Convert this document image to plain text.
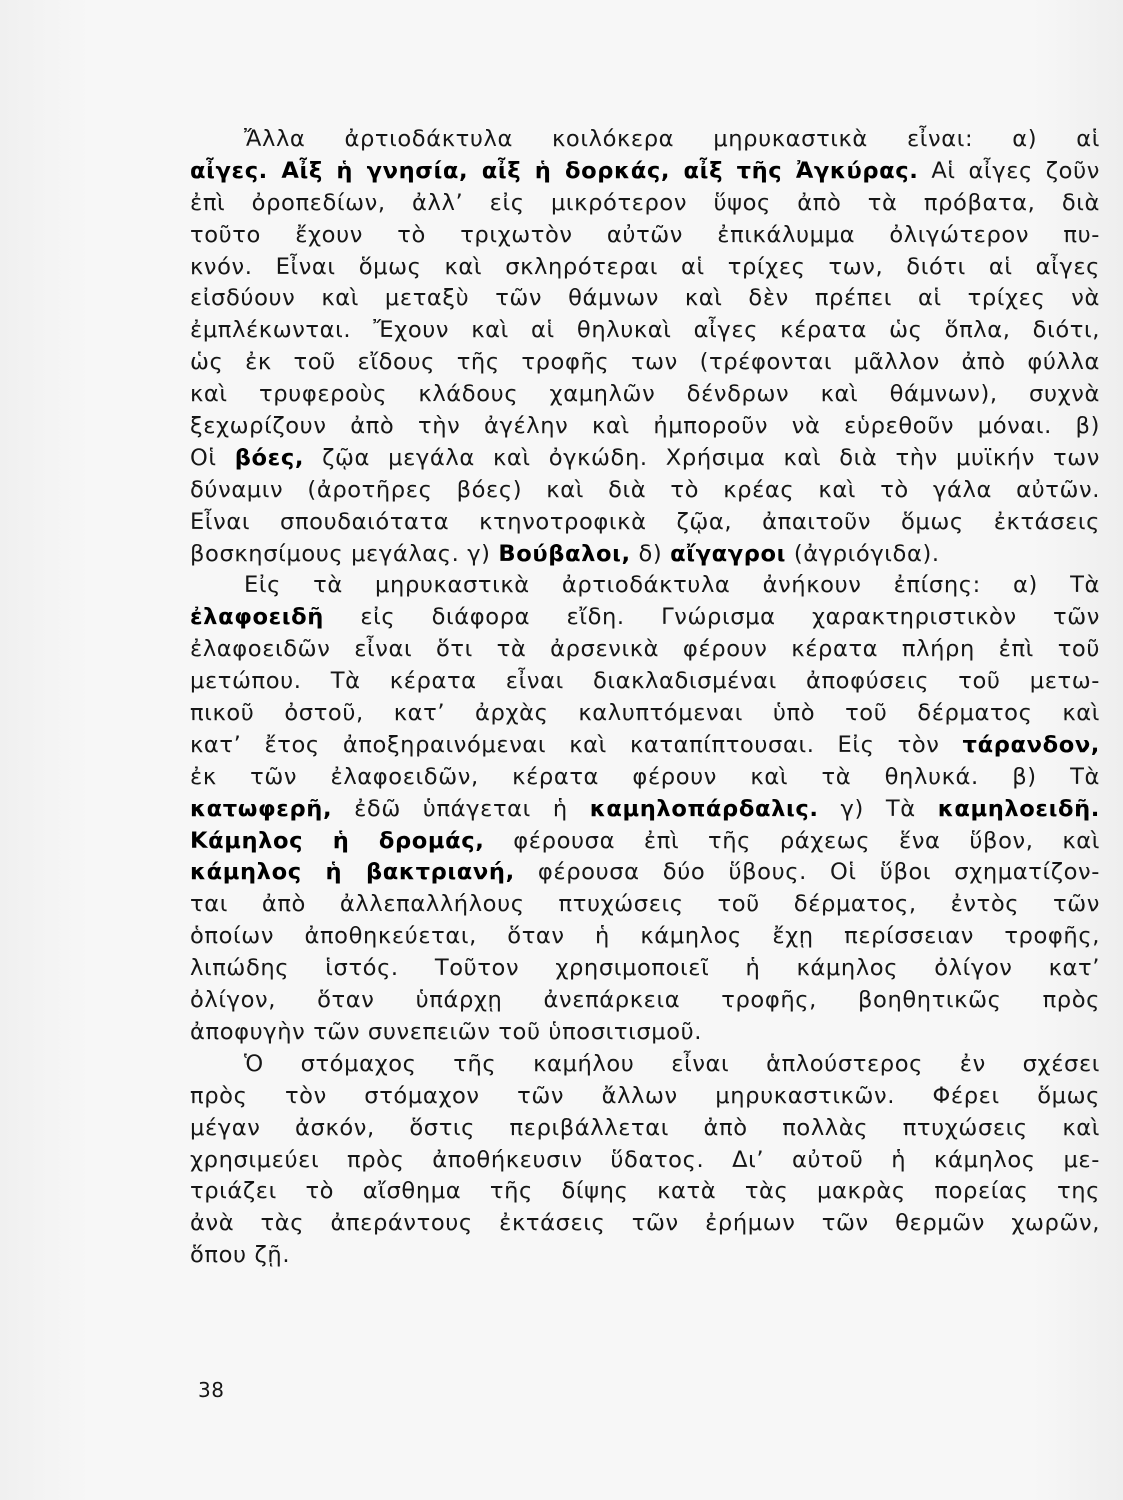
Ἄλλα ἀρτιοδάκτυλα κοιλόκερα μηρυκαστικὰ εἶναι: α) αἱ
αἶγες. Αἶξ ἡ γνησία, αἶξ ἡ δορκάς, αἶξ τῆς Ἀγκύρας. Αἱ αἶγες ζοῦν
ἐπὶ ὀροπεδίων, ἀλλ’ εἰς μικρότερον ὕψος ἀπὸ τὰ πρόβατα, διὰ
τοῦτο ἔχουν τὸ τριχωτὸν αὐτῶν ἐπικάλυμμα ὀλιγώτερον πυ-
κνόν. Εἶναι ὅμως καὶ σκληρότεραι αἱ τρίχες των, διότι αἱ αἶγες
εἰσδύουν καὶ μεταξὺ τῶν θάμνων καὶ δὲν πρέπει αἱ τρίχες νὰ
ἐμπλέκωνται. Ἔχουν καὶ αἱ θηλυκαὶ αἶγες κέρατα ὡς ὅπλα, διότι,
ὡς ἐκ τοῦ εἴδους τῆς τροφῆς των (τρέφονται μᾶλλον ἀπὸ φύλλα
καὶ τρυφεροὺς κλάδους χαμηλῶν δένδρων καὶ θάμνων), συχνὰ
ξεχωρίζουν ἀπὸ τὴν ἀγέλην καὶ ἠμποροῦν νὰ εὑρεθοῦν μόναι. β)
Οἱ βόες, ζῷα μεγάλα καὶ ὀγκώδη. Χρήσιμα καὶ διὰ τὴν μυϊκήν των
δύναμιν (ἀροτῆρες βόες) καὶ διὰ τὸ κρέας καὶ τὸ γάλα αὐτῶν.
Εἶναι σπουδαιότατα κτηνοτροφικὰ ζῷα, ἀπαιτοῦν ὅμως ἐκτάσεις
βοσκησίμους μεγάλας. γ) Βούβαλοι, δ) αἴγαγροι (ἀγριόγιδα).
Εἰς τὰ μηρυκαστικὰ ἀρτιοδάκτυλα ἀνήκουν ἐπίσης: α) Τὰ
ἐλαφοειδῆ εἰς διάφορα εἴδη. Γνώρισμα χαρακτηριστικὸν τῶν
ἐλαφοειδῶν εἶναι ὅτι τὰ ἀρσενικὰ φέρουν κέρατα πλήρη ἐπὶ τοῦ
μετώπου. Τὰ κέρατα εἶναι διακλαδισμέναι ἀποφύσεις τοῦ μετω-
πικοῦ ὀστοῦ, κατ’ ἀρχὰς καλυπτόμεναι ὑπὸ τοῦ δέρματος καὶ
κατ’ ἔτος ἀποξηραινόμεναι καὶ καταπίπτουσαι. Εἰς τὸν τάρανδον,
ἐκ τῶν ἐλαφοειδῶν, κέρατα φέρουν καὶ τὰ θηλυκά. β) Τὰ
κατωφερῆ, ἐδῶ ὑπάγεται ἡ καμηλοπάρδαλις. γ) Τὰ καμηλοειδῆ.
Κάμηλος ἡ δρομάς, φέρουσα ἐπὶ τῆς ράχεως ἕνα ὕβον, καὶ
κάμηλος ἡ βακτριανή, φέρουσα δύο ὕβους. Οἱ ὕβοι σχηματίζον-
ται ἀπὸ ἀλλεπαλλήλους πτυχώσεις τοῦ δέρματος, ἐντὸς τῶν
ὁποίων ἀποθηκεύεται, ὅταν ἡ κάμηλος ἔχῃ περίσσειαν τροφῆς,
λιπώδης ἱστός. Τοῦτον χρησιμοποιεῖ ἡ κάμηλος ὀλίγον κατ’
ὀλίγον, ὅταν ὑπάρχῃ ἀνεπάρκεια τροφῆς, βοηθητικῶς πρὸς
ἀποφυγὴν τῶν συνεπειῶν τοῦ ὑποσιτισμοῦ.
Ὁ στόμαχος τῆς καμήλου εἶναι ἁπλούστερος ἐν σχέσει
πρὸς τὸν στόμαχον τῶν ἄλλων μηρυκαστικῶν. Φέρει ὅμως
μέγαν ἀσκόν, ὅστις περιβάλλεται ἀπὸ πολλὰς πτυχώσεις καὶ
χρησιμεύει πρὸς ἀποθήκευσιν ὕδατος. Δι’ αὐτοῦ ἡ κάμηλος με-
τριάζει τὸ αἴσθημα τῆς δίψης κατὰ τὰς μακρὰς πορείας της
ἀνὰ τὰς ἀπεράντους ἐκτάσεις τῶν ἐρήμων τῶν θερμῶν χωρῶν,
ὅπου ζῇ.
38
